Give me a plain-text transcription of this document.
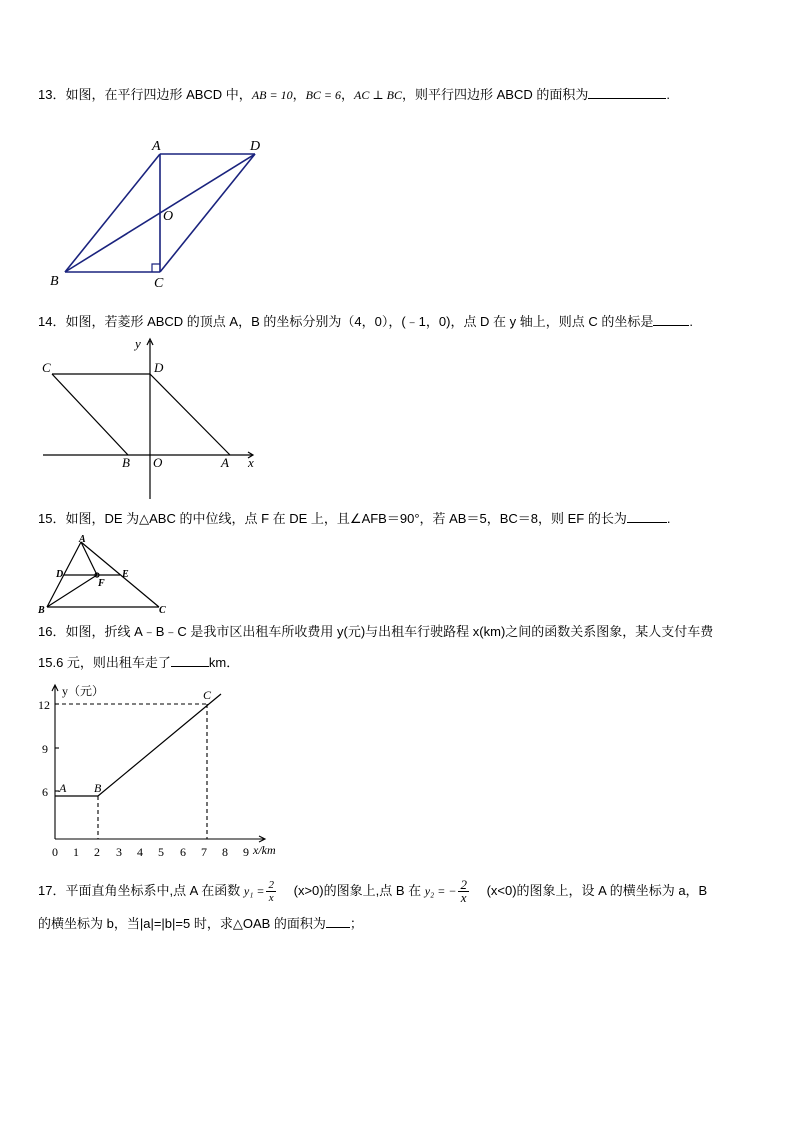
13．如图，在平行四边形 ABCD 中，AB = 10，BC = 6，AC ⊥ BC，则平行四边形 ABCD 的面积为	.
A	D
B	C
O
14．如图，若菱形 ABCD 的顶点 A，B 的坐标分别为（4，0），(﹣1，0)，点 D 在 y 轴上，则点 C 的坐标是	.
C	D
B O	A x
y
15．如图，DE 为△ABC 的中位线，点 F 在 DE 上，且∠AFB＝90°，若 AB＝5，BC＝8，则 EF 的长为	.
A
D	E
F
B	C
16．如图，折线 A﹣B﹣C 是我市区出租车所收费用 y(元)与出租车行驶路程 x(km)之间的函数关系图象，某人支付车费
15.6 元，则出租车走了	km．
y（元）
x/km
12
9
6
0 1 2 3 4 5 6 7 8 9
A B
C
17．平面直角坐标系中,点 A 在函数 $y_1 = \frac{2}{x} (x>0)$的图象上,点 B 在 y₂ = − $\frac{2}{x} (x<0)$的图象上，设 A 的横坐标为 a，B
的横坐标为 b，当|a|=|b|=5 时，求△OAB 的面积为 ；
